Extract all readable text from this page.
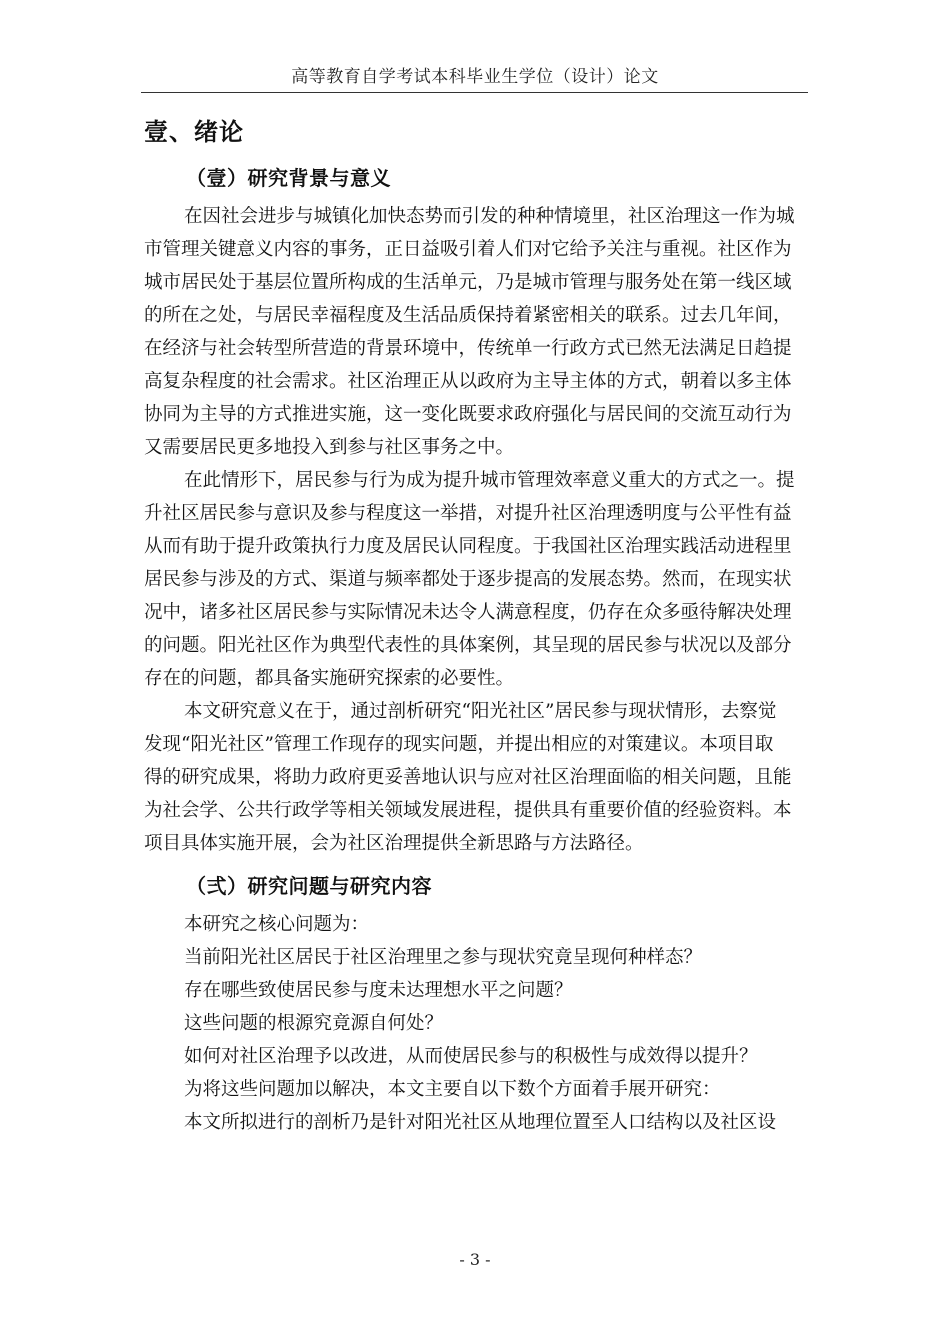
高等教育自学考试本科毕业生学位（设计）论文
壹、绪论
（壹）研究背景与意义
在因社会进步与城镇化加快态势而引发的种种情境里，社区治理这一作为城
市管理关键意义内容的事务，正日益吸引着人们对它给予关注与重视。社区作为
城市居民处于基层位置所构成的生活单元，乃是城市管理与服务处在第一线区域
的所在之处，与居民幸福程度及生活品质保持着紧密相关的联系。过去几年间，
在经济与社会转型所营造的背景环境中，传统单一行政方式已然无法满足日趋提
高复杂程度的社会需求。社区治理正从以政府为主导主体的方式，朝着以多主体
协同为主导的方式推进实施，这一变化既要求政府强化与居民间的交流互动行为
又需要居民更多地投入到参与社区事务之中。
在此情形下，居民参与行为成为提升城市管理效率意义重大的方式之一。提
升社区居民参与意识及参与程度这一举措，对提升社区治理透明度与公平性有益
从而有助于提升政策执行力度及居民认同程度。于我国社区治理实践活动进程里
居民参与涉及的方式、渠道与频率都处于逐步提高的发展态势。然而，在现实状
况中，诸多社区居民参与实际情况未达令人满意程度，仍存在众多亟待解决处理
的问题。阳光社区作为典型代表性的具体案例，其呈现的居民参与状况以及部分
存在的问题，都具备实施研究探索的必要性。
本文研究意义在于，通过剖析研究“阳光社区”居民参与现状情形，去察觉
发现“阳光社区”管理工作现存的现实问题，并提出相应的对策建议。本项目取
得的研究成果，将助力政府更妥善地认识与应对社区治理面临的相关问题，且能
为社会学、公共行政学等相关领域发展进程，提供具有重要价值的经验资料。本
项目具体实施开展，会为社区治理提供全新思路与方法路径。
（弍）研究问题与研究内容
本研究之核心问题为：
当前阳光社区居民于社区治理里之参与现状究竟呈现何种样态？
存在哪些致使居民参与度未达理想水平之问题？
这些问题的根源究竟源自何处？
如何对社区治理予以改进，从而使居民参与的积极性与成效得以提升？
为将这些问题加以解决，本文主要自以下数个方面着手展开研究：
本文所拟进行的剖析乃是针对阳光社区从地理位置至人口结构以及社区设
- 3 -
